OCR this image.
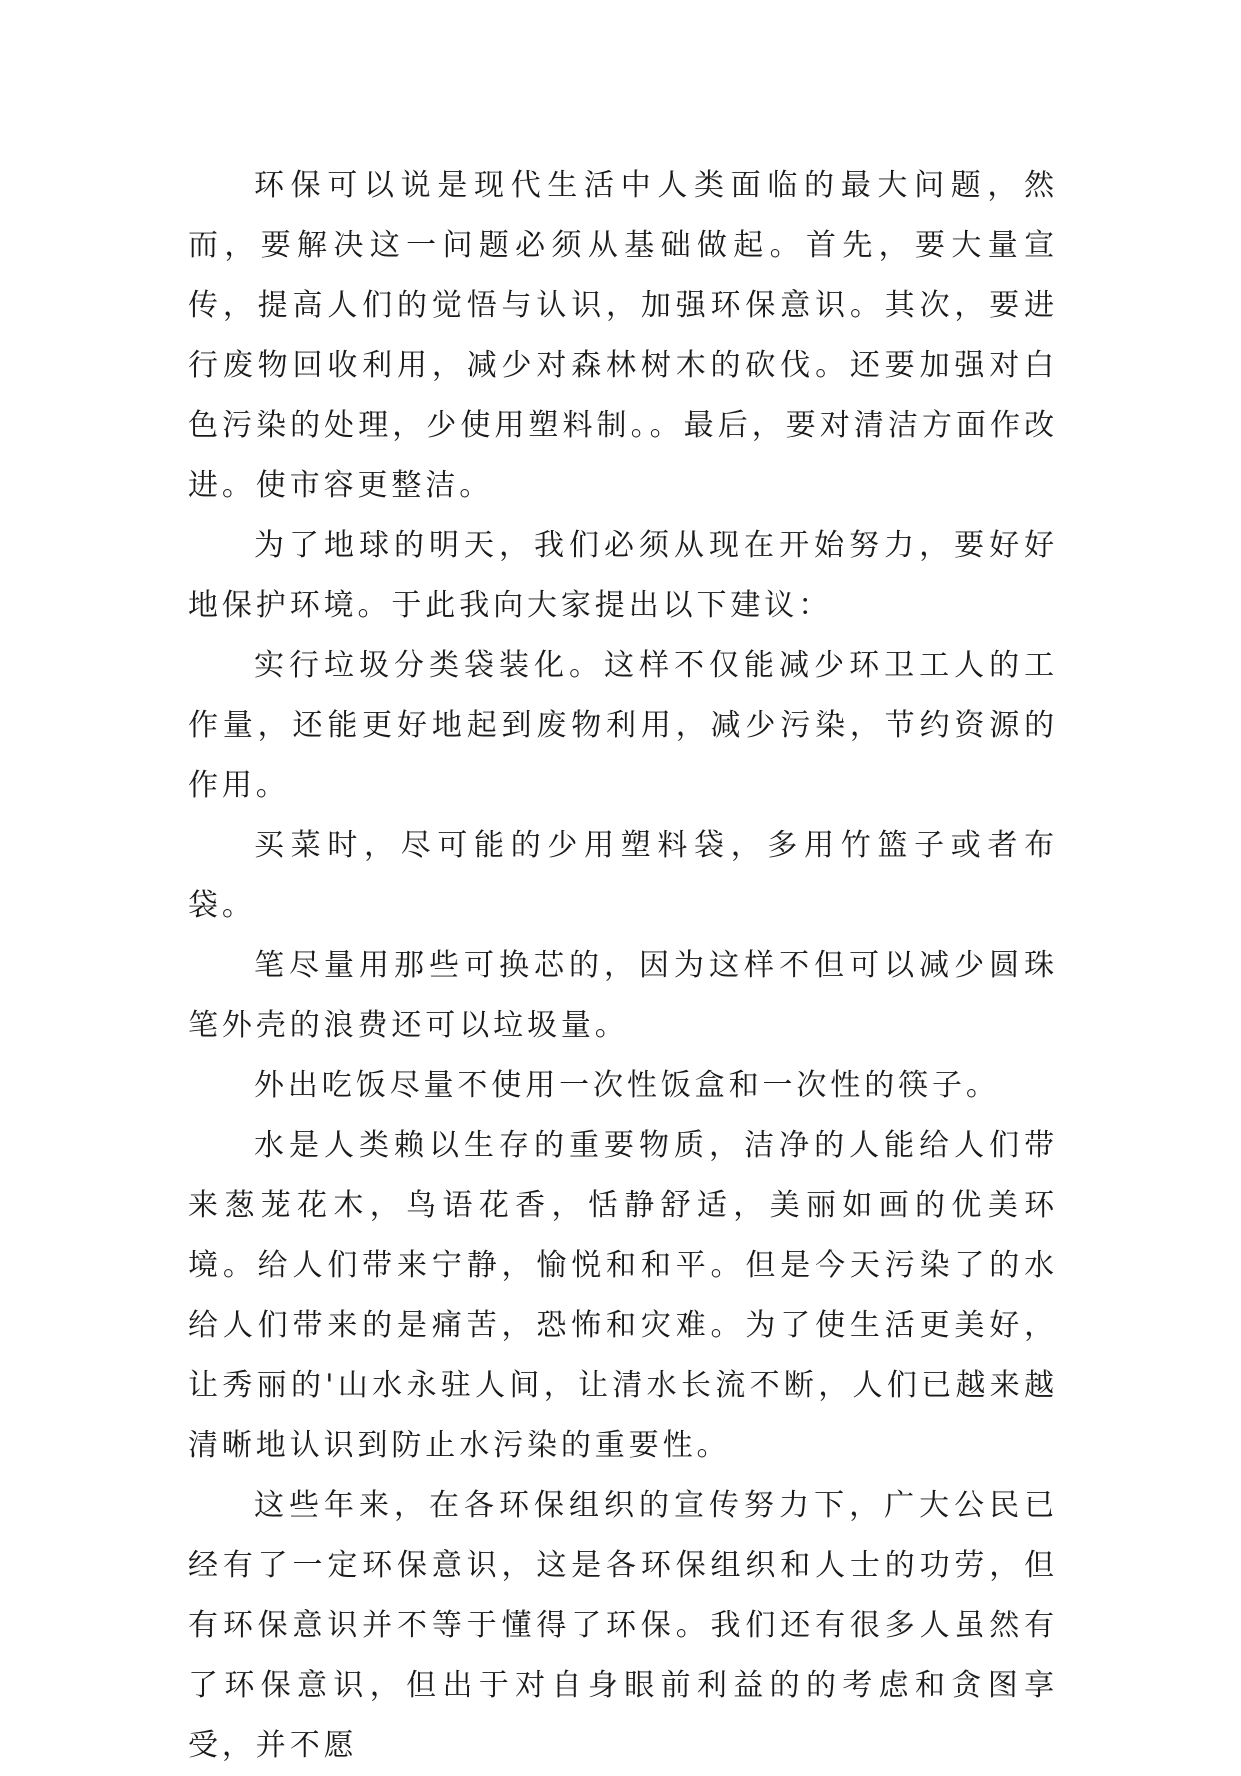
环保可以说是现代生活中人类面临的最大问题，然而，要解决这一问题必须从基础做起。首先，要大量宣传，提高人们的觉悟与认识，加强环保意识。其次，要进行废物回收利用，减少对森林树木的砍伐。还要加强对白色污染的处理，少使用塑料制。。最后，要对清洁方面作改进。使市容更整洁。

为了地球的明天，我们必须从现在开始努力，要好好地保护环境。于此我向大家提出以下建议：

实行垃圾分类袋装化。这样不仅能减少环卫工人的工作量，还能更好地起到废物利用，减少污染，节约资源的作用。

买菜时，尽可能的少用塑料袋，多用竹篮子或者布袋。

笔尽量用那些可换芯的，因为这样不但可以减少圆珠笔外壳的浪费还可以垃圾量。

外出吃饭尽量不使用一次性饭盒和一次性的筷子。

水是人类赖以生存的重要物质，洁净的人能给人们带来葱茏花木，鸟语花香，恬静舒适，美丽如画的优美环境。给人们带来宁静，愉悦和和平。但是今天污染了的水给人们带来的是痛苦，恐怖和灾难。为了使生活更美好，让秀丽的'山水永驻人间，让清水长流不断，人们已越来越清晰地认识到防止水污染的重要性。

这些年来，在各环保组织的宣传努力下，广大公民已经有了一定环保意识，这是各环保组织和人士的功劳，但有环保意识并不等于懂得了环保。我们还有很多人虽然有了环保意识，但出于对自身眼前利益的的考虑和贪图享受，并不愿
